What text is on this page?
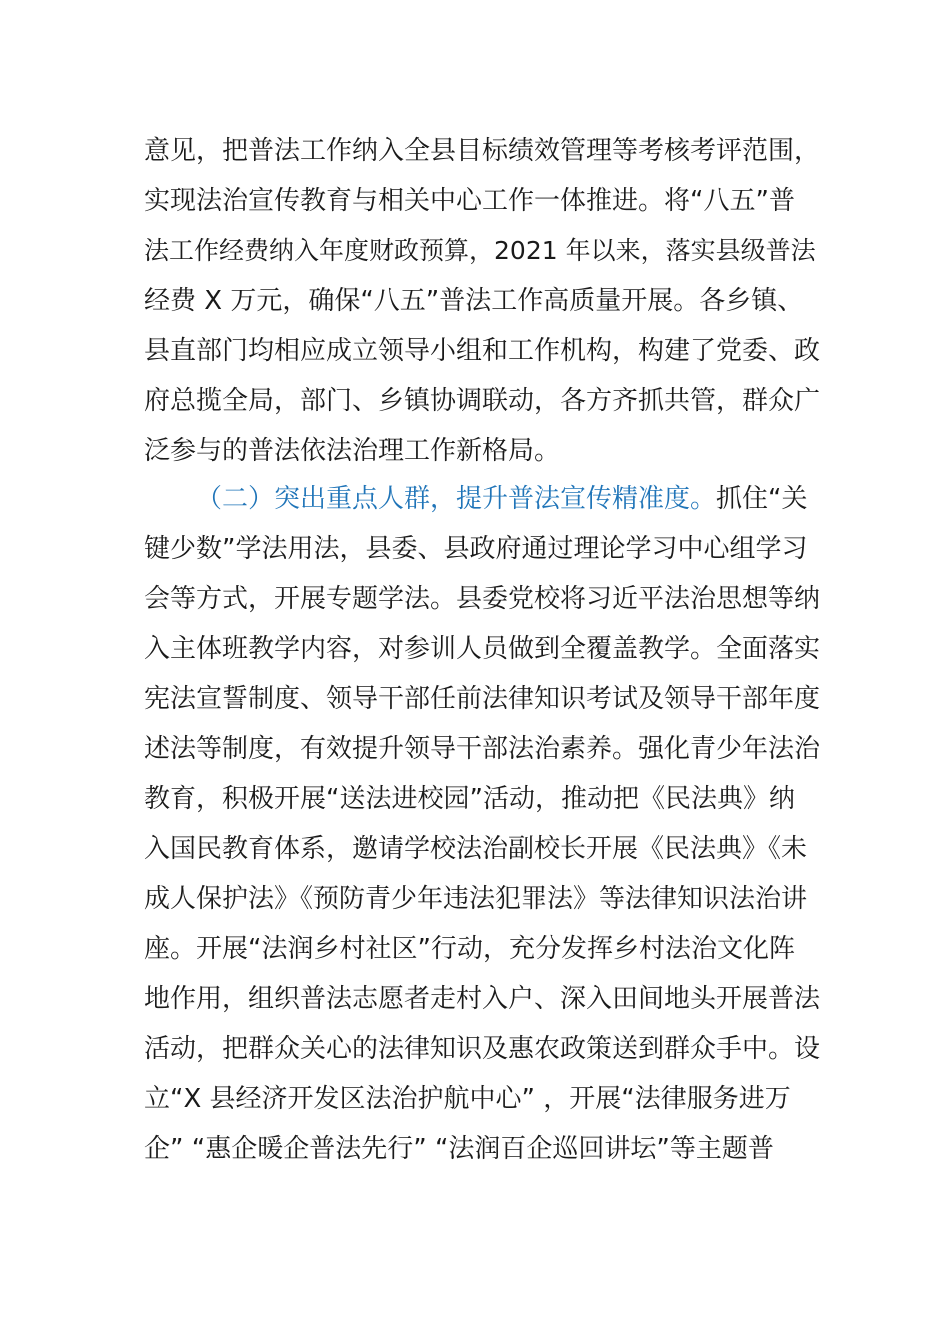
意见，把普法工作纳入全县目标绩效管理等考核考评范围，
实现法治宣传教育与相关中心工作一体推进。将“八五”普
法工作经费纳入年度财政预算，2021 年以来，落实县级普法
经费 X 万元，确保“八五”普法工作高质量开展。各乡镇、
县直部门均相应成立领导小组和工作机构，构建了党委、政
府总揽全局，部门、乡镇协调联动，各方齐抓共管，群众广
泛参与的普法依法治理工作新格局。
（二）突出重点人群，提升普法宣传精准度。抓住“关
键少数”学法用法，县委、县政府通过理论学习中心组学习
会等方式，开展专题学法。县委党校将习近平法治思想等纳
入主体班教学内容，对参训人员做到全覆盖教学。全面落实
宪法宣誓制度、领导干部任前法律知识考试及领导干部年度
述法等制度，有效提升领导干部法治素养。强化青少年法治
教育，积极开展“送法进校园”活动，推动把《民法典》纳
入国民教育体系，邀请学校法治副校长开展《民法典》《未
成人保护法》《预防青少年违法犯罪法》等法律知识法治讲
座。开展“法润乡村社区”行动，充分发挥乡村法治文化阵
地作用，组织普法志愿者走村入户、深入田间地头开展普法
活动，把群众关心的法律知识及惠农政策送到群众手中。设
立“X 县经济开发区法治护航中心” ，开展“法律服务进万
企” “惠企暖企普法先行” “法润百企巡回讲坛”等主题普
